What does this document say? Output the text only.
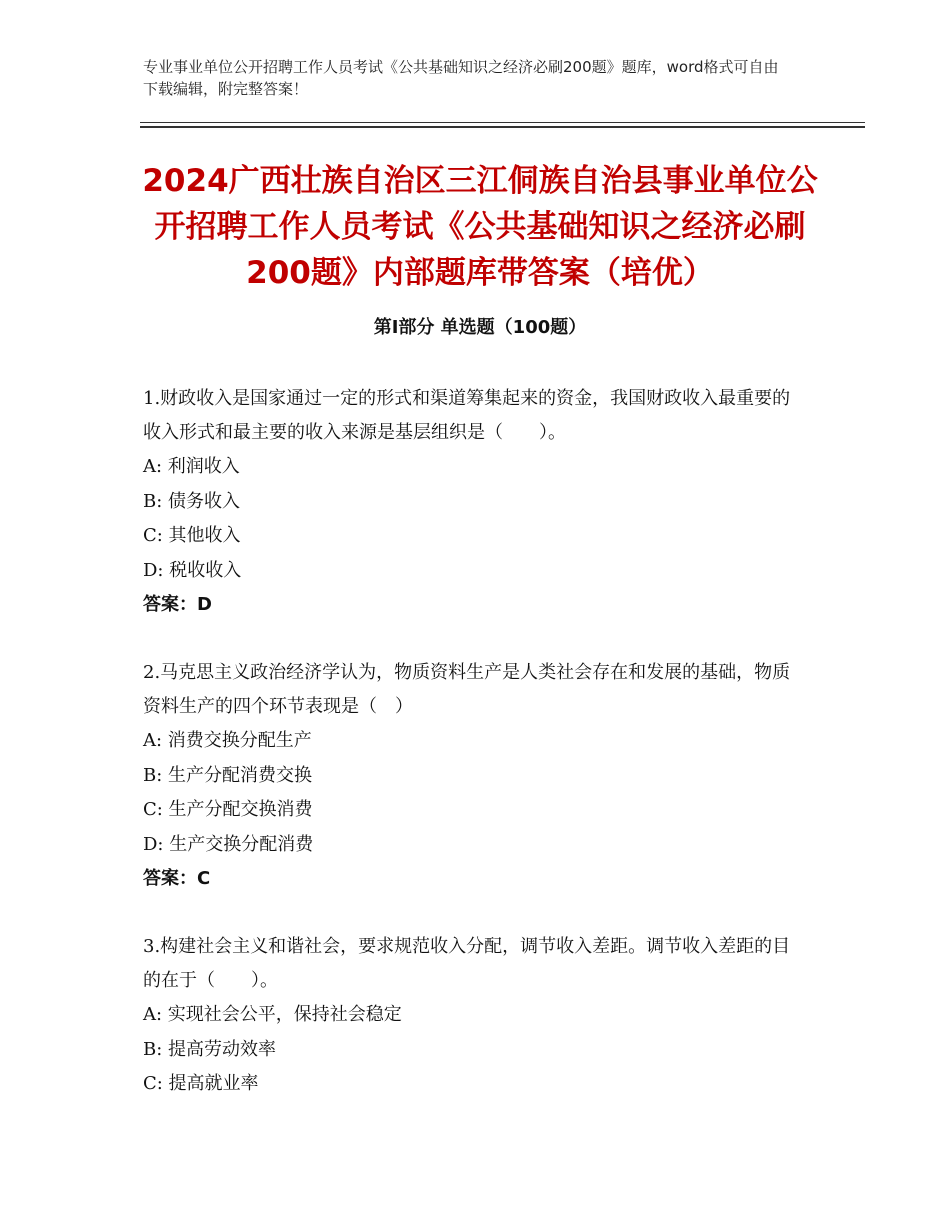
专业事业单位公开招聘工作人员考试《公共基础知识之经济必刷200题》题库，word格式可自由下载编辑，附完整答案！
2024广西壮族自治区三江侗族自治县事业单位公开招聘工作人员考试《公共基础知识之经济必刷200题》内部题库带答案（培优）
第Ⅰ部分 单选题（100题）
1.财政收入是国家通过一定的形式和渠道筹集起来的资金，我国财政收入最重要的收入形式和最主要的收入来源是基层组织是（　　）。
A: 利润收入
B: 债务收入
C: 其他收入
D: 税收收入
答案：D
2.马克思主义政治经济学认为，物质资料生产是人类社会存在和发展的基础，物质资料生产的四个环节表现是（　）
A: 消费交换分配生产
B: 生产分配消费交换
C: 生产分配交换消费
D: 生产交换分配消费
答案：C
3.构建社会主义和谐社会，要求规范收入分配，调节收入差距。调节收入差距的目的在于（　　）。
A: 实现社会公平，保持社会稳定
B: 提高劳动效率
C: 提高就业率
